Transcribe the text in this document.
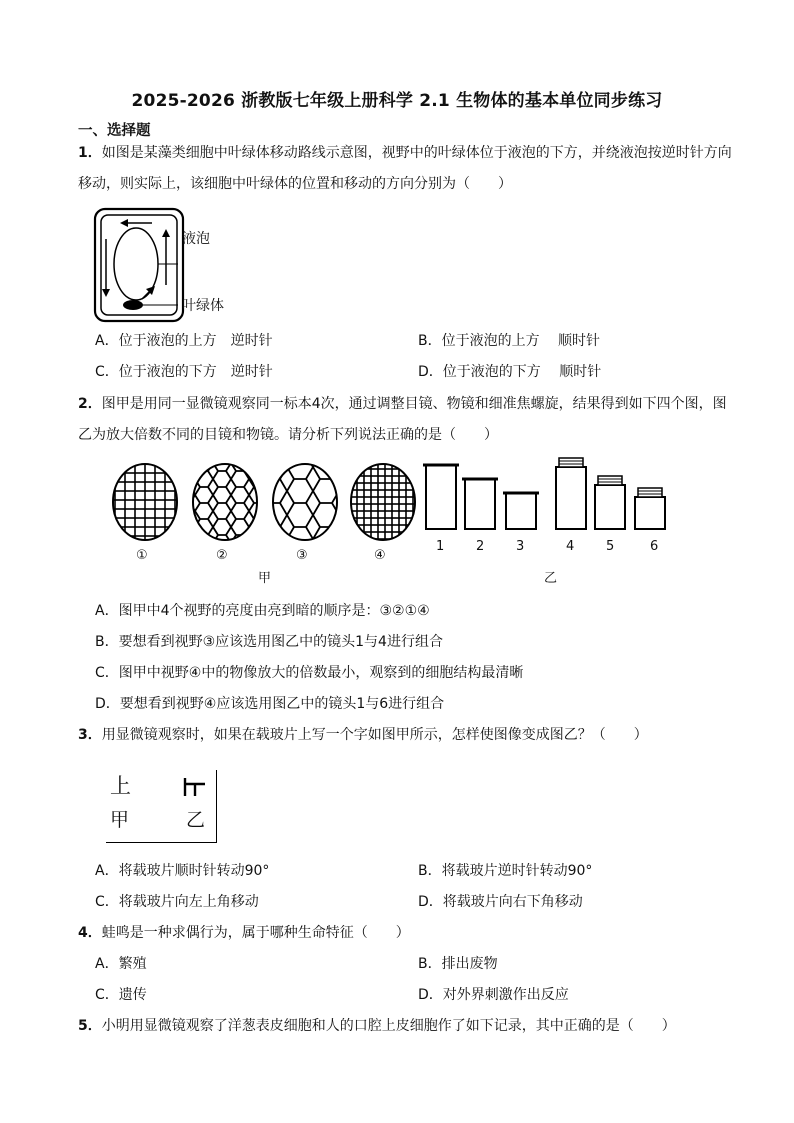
2025-2026 浙教版七年级上册科学 2.1 生物体的基本单位同步练习
一、选择题
1．如图是某藻类细胞中叶绿体移动路线示意图，视野中的叶绿体位于液泡的下方，并绕液泡按逆时针方向移动，则实际上，该细胞中叶绿体的位置和移动的方向分别为（　　）
液泡
叶绿体
A．位于液泡的上方　逆时针	B．位于液泡的上方　 顺时针
C．位于液泡的下方　逆时针	D．位于液泡的下方　 顺时针
2．图甲是用同一显微镜观察同一标本4次，通过调整目镜、物镜和细准焦螺旋，结果得到如下四个图，图乙为放大倍数不同的目镜和物镜。请分析下列说法正确的是（　　）
①	②	③	④
1 2 3	4 5	6
甲	乙
A．图甲中4个视野的亮度由亮到暗的顺序是：③②①④
B．要想看到视野③应该选用图乙中的镜头1与4进行组合
C．图甲中视野④中的物像放大的倍数最小，观察到的细胞结构最清晰
D．要想看到视野④应该选用图乙中的镜头1与6进行组合
3．用显微镜观察时，如果在载玻片上写一个字如图甲所示，怎样使图像变成图乙？（　　）
上
甲	乙
A．将载玻片顺时针转动90°	B．将载玻片逆时针转动90°
C．将载玻片向左上角移动	D．将载玻片向右下角移动
4．蛙鸣是一种求偶行为，属于哪种生命特征（　　）
A．繁殖	B．排出废物
C．遗传	D．对外界刺激作出反应
5．小明用显微镜观察了洋葱表皮细胞和人的口腔上皮细胞作了如下记录，其中正确的是（　　）
